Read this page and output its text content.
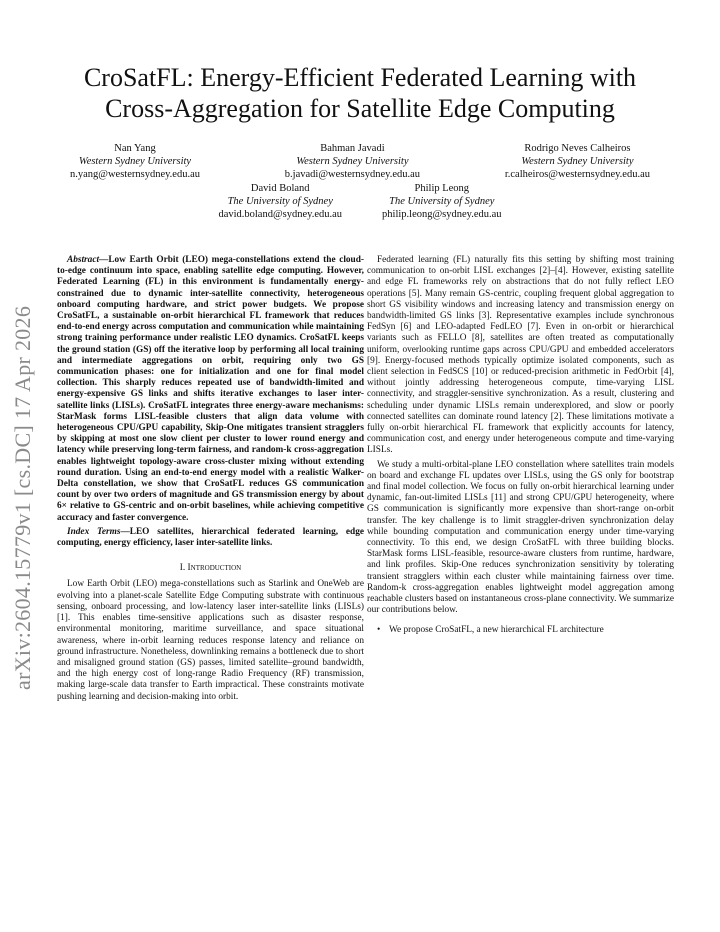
arXiv:2604.15779v1 [cs.DC] 17 Apr 2026
CroSatFL: Energy-Efficient Federated Learning with
Cross-Aggregation for Satellite Edge Computing
Nan Yang
Western Sydney University
n.yang@westernsydney.edu.au
Bahman Javadi
Western Sydney University
b.javadi@westernsydney.edu.au
Rodrigo Neves Calheiros
Western Sydney University
r.calheiros@westernsydney.edu.au
David Boland
The University of Sydney
david.boland@sydney.edu.au
Philip Leong
The University of Sydney
philip.leong@sydney.edu.au

Abstract—Low Earth Orbit (LEO) mega-constellations extend the cloud-to-edge continuum into space, enabling satellite edge computing. However, Federated Learning (FL) in this environment is fundamentally energy-constrained due to dynamic inter-satellite connectivity, heterogeneous onboard computing hardware, and strict power budgets. We propose CroSatFL, a sustainable on-orbit hierarchical FL framework that reduces end-to-end energy across computation and communication while maintaining strong training performance under realistic LEO dynamics. CroSatFL keeps the ground station (GS) off the iterative loop by performing all local training and intermediate aggregations on orbit, requiring only two GS communication phases: one for initialization and one for final model collection. This sharply reduces repeated use of bandwidth-limited and energy-expensive GS links and shifts iterative exchanges to laser inter-satellite links (LISLs). CroSatFL integrates three energy-aware mechanisms: StarMask forms LISL-feasible clusters that align data volume with heterogeneous CPU/GPU capability, Skip-One mitigates transient stragglers by skipping at most one slow client per cluster to lower round energy and latency while preserving long-term fairness, and random-k cross-aggregation enables lightweight topology-aware cross-cluster mixing without extending round duration. Using an end-to-end energy model with a realistic Walker-Delta constellation, we show that CroSatFL reduces GS communication count by over two orders of magnitude and GS transmission energy by about 6× relative to GS-centric and on-orbit baselines, while achieving competitive accuracy and faster convergence.

Index Terms—LEO satellites, hierarchical federated learning, edge computing, energy efficiency, laser inter-satellite links.

I. Introduction

Low Earth Orbit (LEO) mega-constellations such as Starlink and OneWeb are evolving into a planet-scale Satellite Edge Computing substrate with continuous sensing, onboard processing, and low-latency laser inter-satellite links (LISLs) [1]. This enables time-sensitive applications such as disaster response, environmental monitoring, maritime surveillance, and space situational awareness, where in-orbit learning reduces response latency and reliance on ground infrastructure. Nonetheless, downlinking remains a bottleneck due to short and misaligned ground station (GS) passes, limited satellite–ground bandwidth, and the high energy cost of long-range Radio Frequency (RF) transmission, making large-scale data transfer to Earth impractical. These constraints motivate pushing learning and decision-making into orbit.

Federated learning (FL) naturally fits this setting by shifting most training communication to on-orbit LISL exchanges [2]–[4]. However, existing satellite and edge FL frameworks rely on abstractions that do not fully reflect LEO operations [5]. Many remain GS-centric, coupling frequent global aggregation to short GS visibility windows and increasing latency and transmission energy on bandwidth-limited GS links [3]. Representative examples include synchronous FedSyn [6] and LEO-adapted FedLEO [7]. Even in on-orbit or hierarchical variants such as FELLO [8], satellites are often treated as computationally uniform, overlooking runtime gaps across CPU/GPU and embedded accelerators [9]. Energy-focused methods typically optimize isolated components, such as client selection in FedSCS [10] or reduced-precision arithmetic in FedOrbit [4], without jointly addressing heterogeneous compute, time-varying LISL connectivity, and straggler-sensitive synchronization. As a result, clustering and scheduling under dynamic LISLs remain underexplored, and slow or poorly connected satellites can dominate round latency [2]. These limitations motivate a fully on-orbit hierarchical FL framework that explicitly accounts for latency, communication cost, and energy under heterogeneous compute and time-varying LISLs.

We study a multi-orbital-plane LEO constellation where satellites train models on board and exchange FL updates over LISLs, using the GS only for bootstrap and final model collection. We focus on fully on-orbit hierarchical learning under dynamic, fan-out-limited LISLs [11] and strong CPU/GPU heterogeneity, where GS communication is significantly more expensive than short-range on-orbit transfer. The key challenge is to limit straggler-driven synchronization delay while bounding computation and communication energy under time-varying connectivity. To this end, we design CroSatFL with three building blocks. StarMask forms LISL-feasible, resource-aware clusters from runtime, hardware, and link profiles. Skip-One reduces synchronization sensitivity by tolerating transient stragglers within each cluster while maintaining fairness over time. Random-k cross-aggregation enables lightweight model aggregation among reachable clusters based on instantaneous cross-plane connectivity. We summarize our contributions below.

• We propose CroSatFL, a new hierarchical FL architecture
